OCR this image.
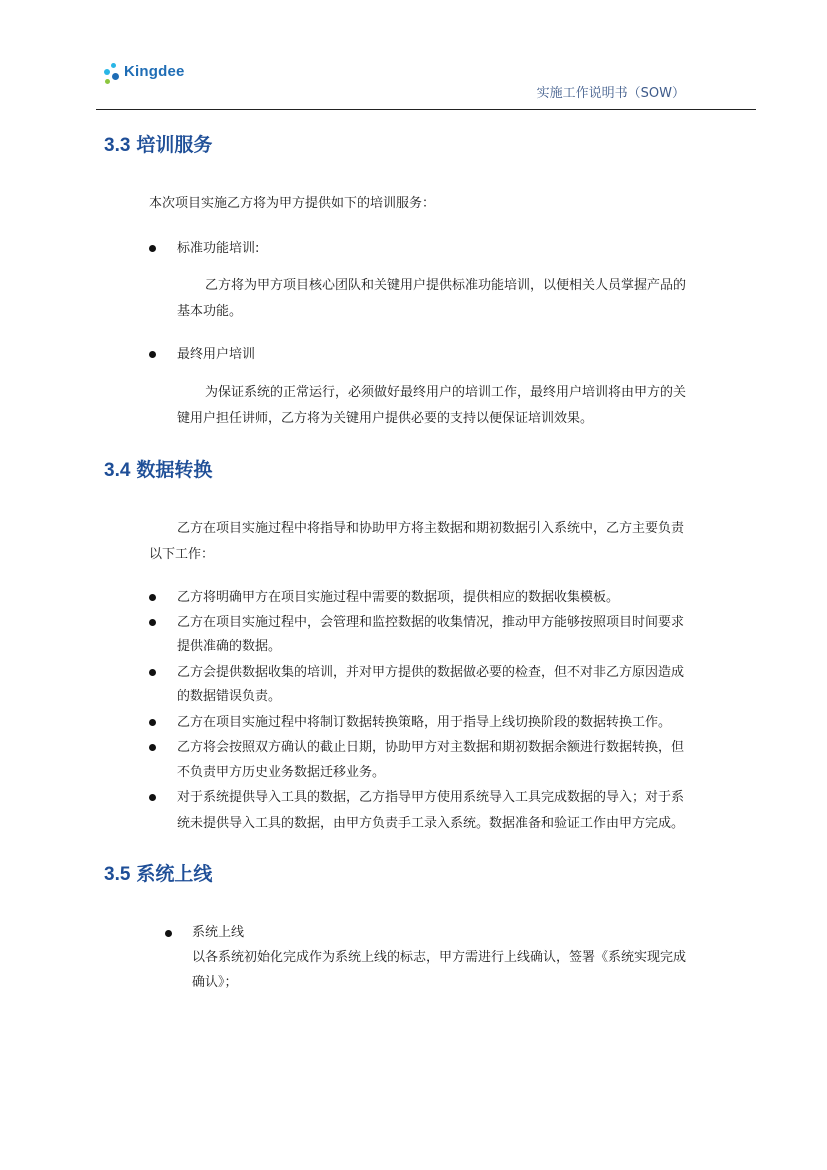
Kingdee
实施工作说明书（SOW）
3.3 培训服务
本次项目实施乙方将为甲方提供如下的培训服务：
标准功能培训:
乙方将为甲方项目核心团队和关键用户提供标准功能培训，以便相关人员掌握产品的
基本功能。
最终用户培训
为保证系统的正常运行，必须做好最终用户的培训工作，最终用户培训将由甲方的关
键用户担任讲师，乙方将为关键用户提供必要的支持以便保证培训效果。
3.4 数据转换
乙方在项目实施过程中将指导和协助甲方将主数据和期初数据引入系统中，乙方主要负责
以下工作：
乙方将明确甲方在项目实施过程中需要的数据项，提供相应的数据收集模板。
乙方在项目实施过程中，会管理和监控数据的收集情况，推动甲方能够按照项目时间要求
提供准确的数据。
乙方会提供数据收集的培训，并对甲方提供的数据做必要的检查，但不对非乙方原因造成
的数据错误负责。
乙方在项目实施过程中将制订数据转换策略，用于指导上线切换阶段的数据转换工作。
乙方将会按照双方确认的截止日期，协助甲方对主数据和期初数据余额进行数据转换，但
不负责甲方历史业务数据迁移业务。
对于系统提供导入工具的数据，乙方指导甲方使用系统导入工具完成数据的导入；对于系
统未提供导入工具的数据，由甲方负责手工录入系统。数据准备和验证工作由甲方完成。
3.5 系统上线
系统上线
以各系统初始化完成作为系统上线的标志，甲方需进行上线确认，签署《系统实现完成
确认》；
